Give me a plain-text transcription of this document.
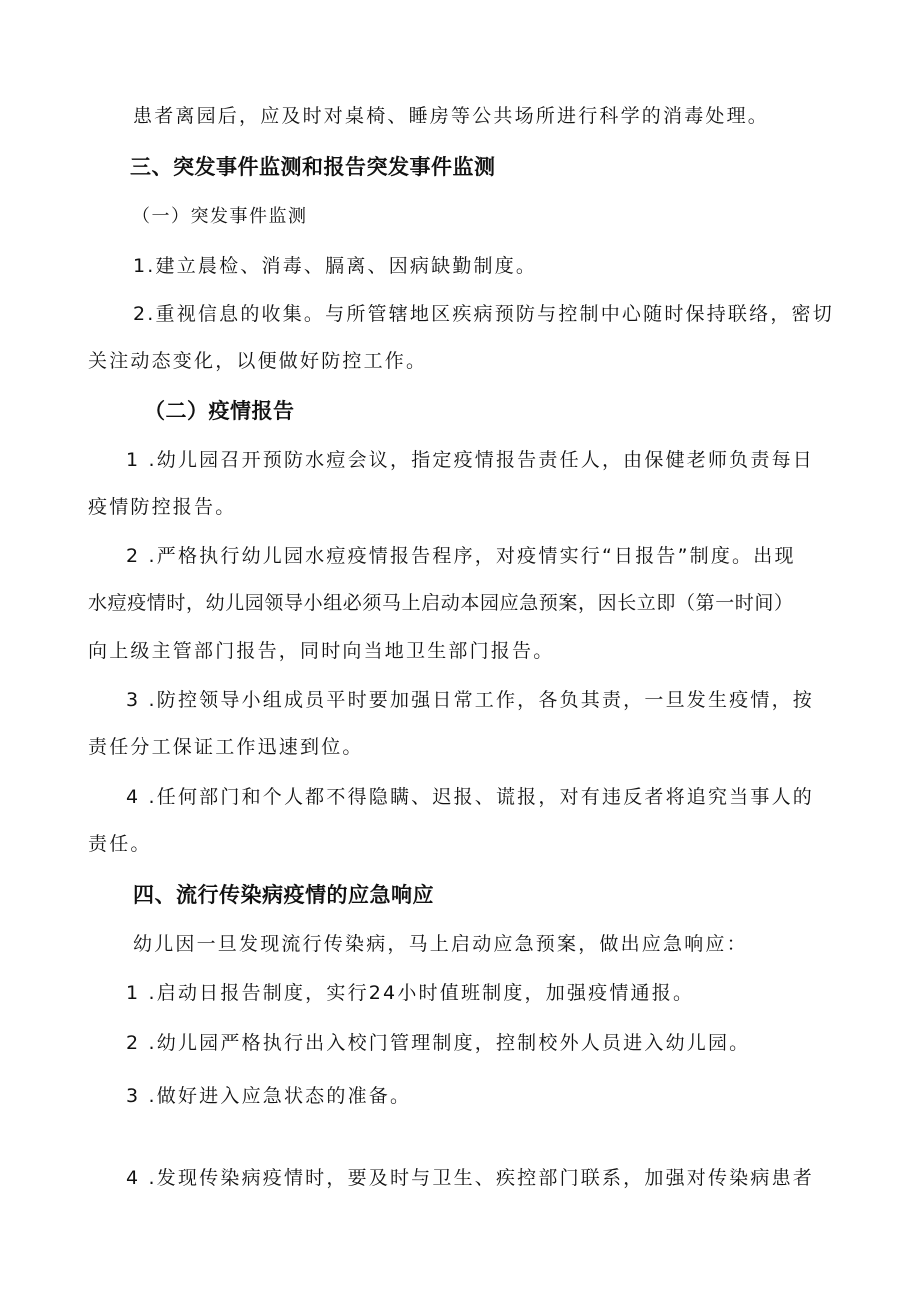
患者离园后，应及时对桌椅、睡房等公共场所进行科学的消毒处理。
三、突发事件监测和报告突发事件监测
（一）突发事件监测
1.建立晨检、消毒、膈离、因病缺勤制度。
2.重视信息的收集。与所管辖地区疾病预防与控制中心随时保持联络，密切
关注动态变化，以便做好防控工作。
（二）疫情报告
1 .幼儿园召开预防水痘会议，指定疫情报告责任人，由保健老师负责每日
疫情防控报告。
2 .严格执行幼儿园水痘疫情报告程序，对疫情实行“日报告”制度。出现
水痘疫情时，幼儿园领导小组必须马上启动本园应急预案，因长立即（第一时间）
向上级主管部门报告，同时向当地卫生部门报告。
3 .防控领导小组成员平时要加强日常工作，各负其责，一旦发生疫情，按
责任分工保证工作迅速到位。
4 .任何部门和个人都不得隐瞒、迟报、谎报，对有违反者将追究当事人的
责任。
四、流行传染病疫情的应急响应
幼儿因一旦发现流行传染病，马上启动应急预案，做出应急响应：
1 .启动日报告制度，实行24小时值班制度，加强疫情通报。
2 .幼儿园严格执行出入校门管理制度，控制校外人员进入幼儿园。
3 .做好进入应急状态的准备。
4 .发现传染病疫情时，要及时与卫生、疾控部门联系，加强对传染病患者
